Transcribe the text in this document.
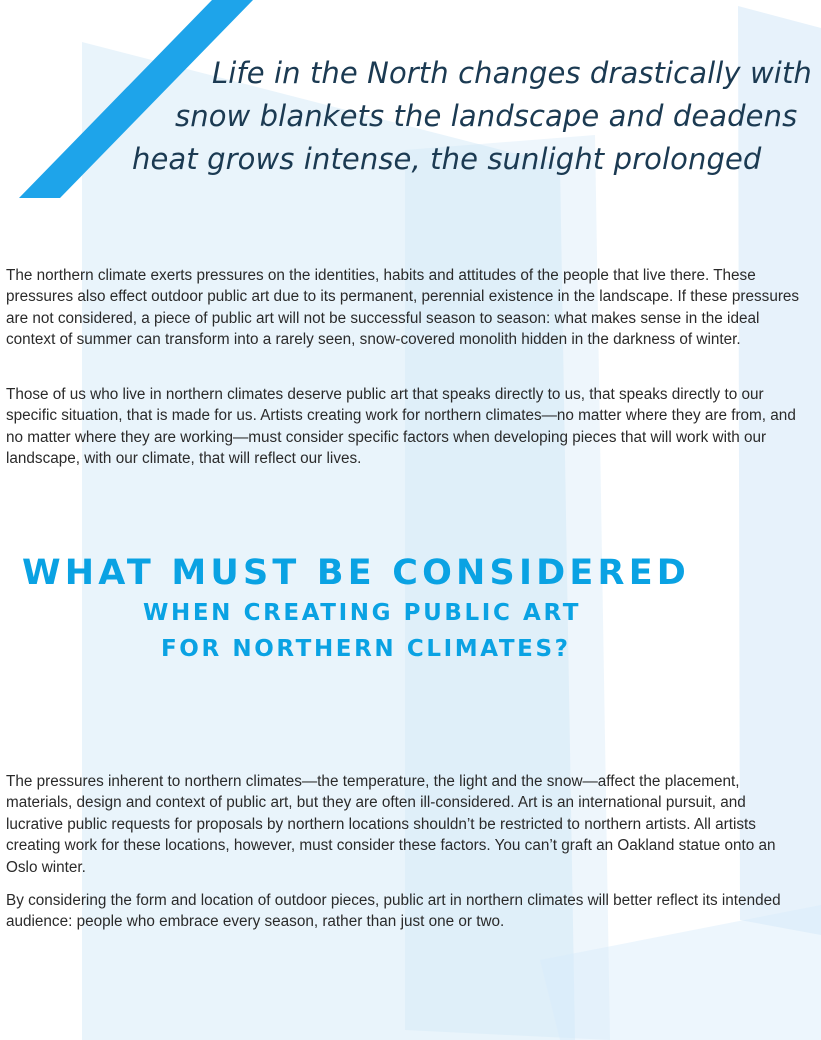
Life in the North changes drastically with
snow blankets the landscape and deadens
heat grows intense, the sunlight prolonged

The northern climate exerts pressures on the identities, habits and attitudes of the people that live there. These pressures also effect outdoor public art due to its permanent, perennial existence in the landscape. If these pressures are not considered, a piece of public art will not be successful season to season: what makes sense in the ideal context of summer can transform into a rarely seen, snow-covered monolith hidden in the darkness of winter.

Those of us who live in northern climates deserve public art that speaks directly to us, that speaks directly to our specific situation, that is made for us. Artists creating work for northern climates—no matter where they are from, and no matter where they are working—must consider specific factors when developing pieces that will work with our landscape, with our climate, that will reflect our lives.

WHAT MUST BE CONSIDERED
WHEN CREATING PUBLIC ART
FOR NORTHERN CLIMATES?

The pressures inherent to northern climates—the temperature, the light and the snow—affect the placement, materials, design and context of public art, but they are often ill-considered. Art is an international pursuit, and lucrative public requests for proposals by northern locations shouldn’t be restricted to northern artists. All artists creating work for these locations, however, must consider these factors. You can’t graft an Oakland statue onto an Oslo winter.

By considering the form and location of outdoor pieces, public art in northern climates will better reflect its intended audience: people who embrace every season, rather than just one or two.
